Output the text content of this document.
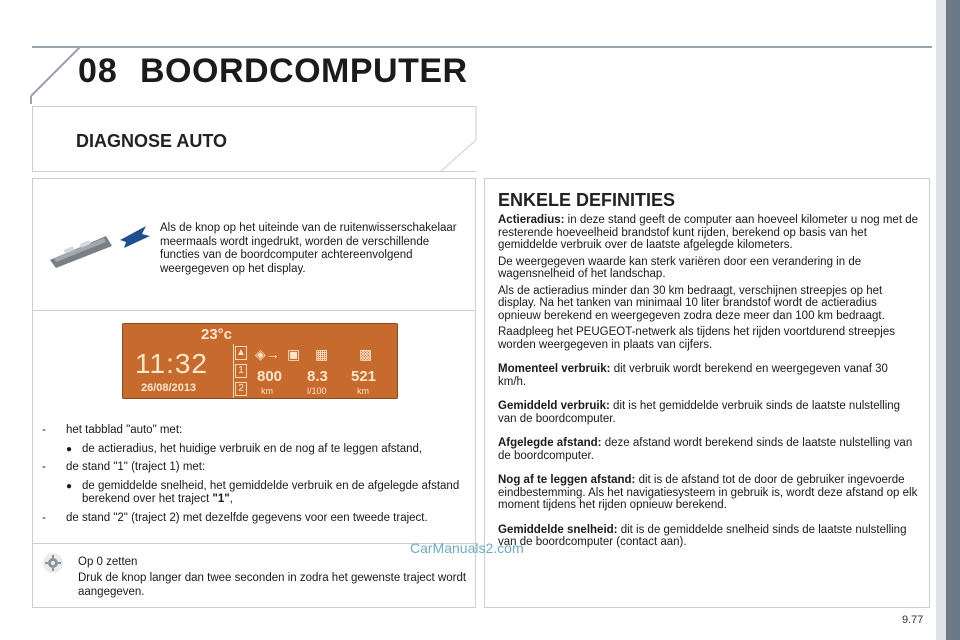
08 BOORDCOMPUTER
DIAGNOSE AUTO
Als de knop op het uiteinde van de ruitenwisserschakelaar meermaals wordt ingedrukt, worden de verschillende functies van de boordcomputer achtereenvolgend weergegeven op het display.
23°c
11:32
26/08/2013
▲
1
2
◈→ ▣ ▦ ▩
800
km
8.3
l/100
521
km
- het tabblad "auto" met:
● de actieradius, het huidige verbruik en de nog af te leggen afstand,
- de stand "1" (traject 1) met:
● de gemiddelde snelheid, het gemiddelde verbruik en de afgelegde afstand berekend over het traject "1",
- de stand "2" (traject 2) met dezelfde gegevens voor een tweede traject.
Op 0 zetten
Druk de knop langer dan twee seconden in zodra het gewenste traject wordt aangegeven.
ENKELE DEFINITIES

Actieradius: in deze stand geeft de computer aan hoeveel kilometer u nog met de resterende hoeveelheid brandstof kunt rijden, berekend op basis van het gemiddelde verbruik over de laatste afgelegde kilometers.

De weergegeven waarde kan sterk variëren door een verandering in de wagensnelheid of het landschap.

Als de actieradius minder dan 30 km bedraagt, verschijnen streepjes op het display. Na het tanken van minimaal 10 liter brandstof wordt de actieradius opnieuw berekend en weergegeven zodra deze meer dan 100 km bedraagt.

Raadpleeg het PEUGEOT-netwerk als tijdens het rijden voortdurend streepjes worden weergegeven in plaats van cijfers.

Momenteel verbruik: dit verbruik wordt berekend en weergegeven vanaf 30 km/h.

Gemiddeld verbruik: dit is het gemiddelde verbruik sinds de laatste nulstelling van de boordcomputer.

Afgelegde afstand: deze afstand wordt berekend sinds de laatste nulstelling van de boordcomputer.

Nog af te leggen afstand: dit is de afstand tot de door de gebruiker ingevoerde eindbestemming. Als het navigatiesysteem in gebruik is, wordt deze afstand op elk moment tijdens het rijden opnieuw berekend.

Gemiddelde snelheid: dit is de gemiddelde snelheid sinds de laatste nulstelling van de boordcomputer (contact aan).

CarManuals2.com
9.77
